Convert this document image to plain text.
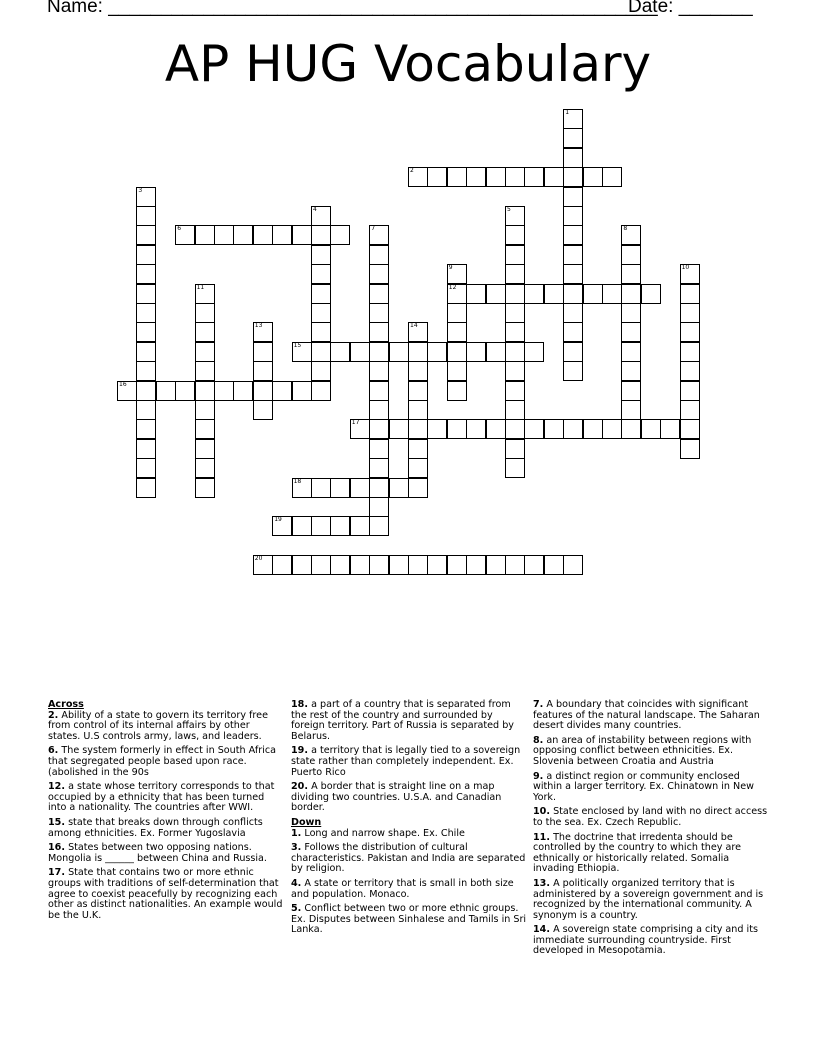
Name: ____________________________________________________
Date: _______
AP HUG Vocabulary
1
2
3
4	5
6	7	8
9
12
10
11
13	14
15
16
17
18
19
20
Across

2. Ability of a state to govern its territory free from control of its internal affairs by other states. U.S controls army, laws, and leaders.

6. The system formerly in effect in South Africa that segregated people based upon race. (abolished in the 90s

12. a state whose territory corresponds to that occupied by a ethnicity that has been turned into a nationality. The countries after WWI.

15. state that breaks down through conflicts among ethnicities. Ex. Former Yugoslavia

16. States between two opposing nations. Mongolia is ______ between China and Russia.

17. State that contains two or more ethnic groups with traditions of self-determination that agree to coexist peacefully by recognizing each other as distinct nationalities. An example would be the U.K.

18. a part of a country that is separated from the rest of the country and surrounded by foreign territory. Part of Russia is separated by Belarus.

19. a territory that is legally tied to a sovereign state rather than completely independent. Ex. Puerto Rico

20. A border that is straight line on a map dividing two countries. U.S.A. and Canadian border.

Down

1. Long and narrow shape. Ex. Chile

3. Follows the distribution of cultural characteristics. Pakistan and India are separated by religion.

4. A state or territory that is small in both size and population. Monaco.

5. Conflict between two or more ethnic groups. Ex. Disputes between Sinhalese and Tamils in Sri Lanka.

7. A boundary that coincides with significant features of the natural landscape. The Saharan desert divides many countries.

8. an area of instability between regions with opposing conflict between ethnicities. Ex. Slovenia between Croatia and Austria

9. a distinct region or community enclosed within a larger territory. Ex. Chinatown in New York.

10. State enclosed by land with no direct access to the sea. Ex. Czech Republic.

11. The doctrine that irredenta should be controlled by the country to which they are ethnically or historically related. Somalia invading Ethiopia.

13. A politically organized territory that is administered by a sovereign government and is recognized by the international community. A synonym is a country.

14. A sovereign state comprising a city and its immediate surrounding countryside. First developed in Mesopotamia.
